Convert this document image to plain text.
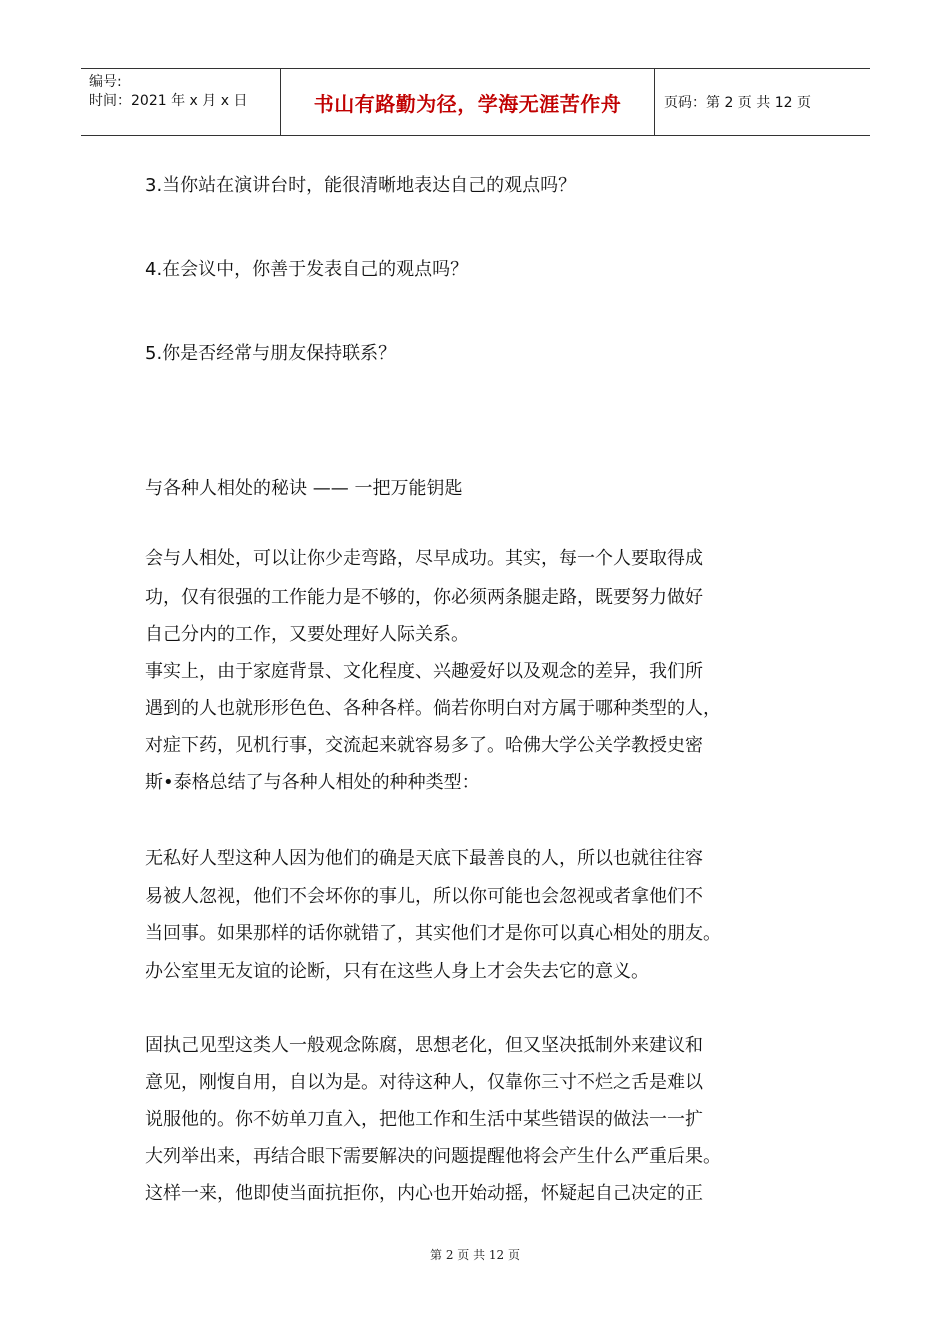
编号:
时间：2021 年 x 月 x 日	书山有路勤为径，学海无涯苦作舟	页码：第 2 页 共 12 页
3.当你站在演讲台时，能很清晰地表达自己的观点吗？
4.在会议中，你善于发表自己的观点吗？
5.你是否经常与朋友保持联系？
与各种人相处的秘诀 —— 一把万能钥匙
会与人相处，可以让你少走弯路，尽早成功。其实，每一个人要取得成
功，仅有很强的工作能力是不够的，你必须两条腿走路，既要努力做好
自己分内的工作，又要处理好人际关系。
事实上，由于家庭背景、文化程度、兴趣爱好以及观念的差异，我们所
遇到的人也就形形色色、各种各样。倘若你明白对方属于哪种类型的人，
对症下药，见机行事，交流起来就容易多了。哈佛大学公关学教授史密
斯•泰格总结了与各种人相处的种种类型：
无私好人型这种人因为他们的确是天底下最善良的人，所以也就往往容
易被人忽视，他们不会坏你的事儿，所以你可能也会忽视或者拿他们不
当回事。如果那样的话你就错了，其实他们才是你可以真心相处的朋友。
办公室里无友谊的论断，只有在这些人身上才会失去它的意义。
固执己见型这类人一般观念陈腐，思想老化，但又坚决抵制外来建议和
意见，刚愎自用，自以为是。对待这种人，仅靠你三寸不烂之舌是难以
说服他的。你不妨单刀直入，把他工作和生活中某些错误的做法一一扩
大列举出来，再结合眼下需要解决的问题提醒他将会产生什么严重后果。
这样一来，他即使当面抗拒你，内心也开始动摇，怀疑起自己决定的正
第 2 页 共 12 页
